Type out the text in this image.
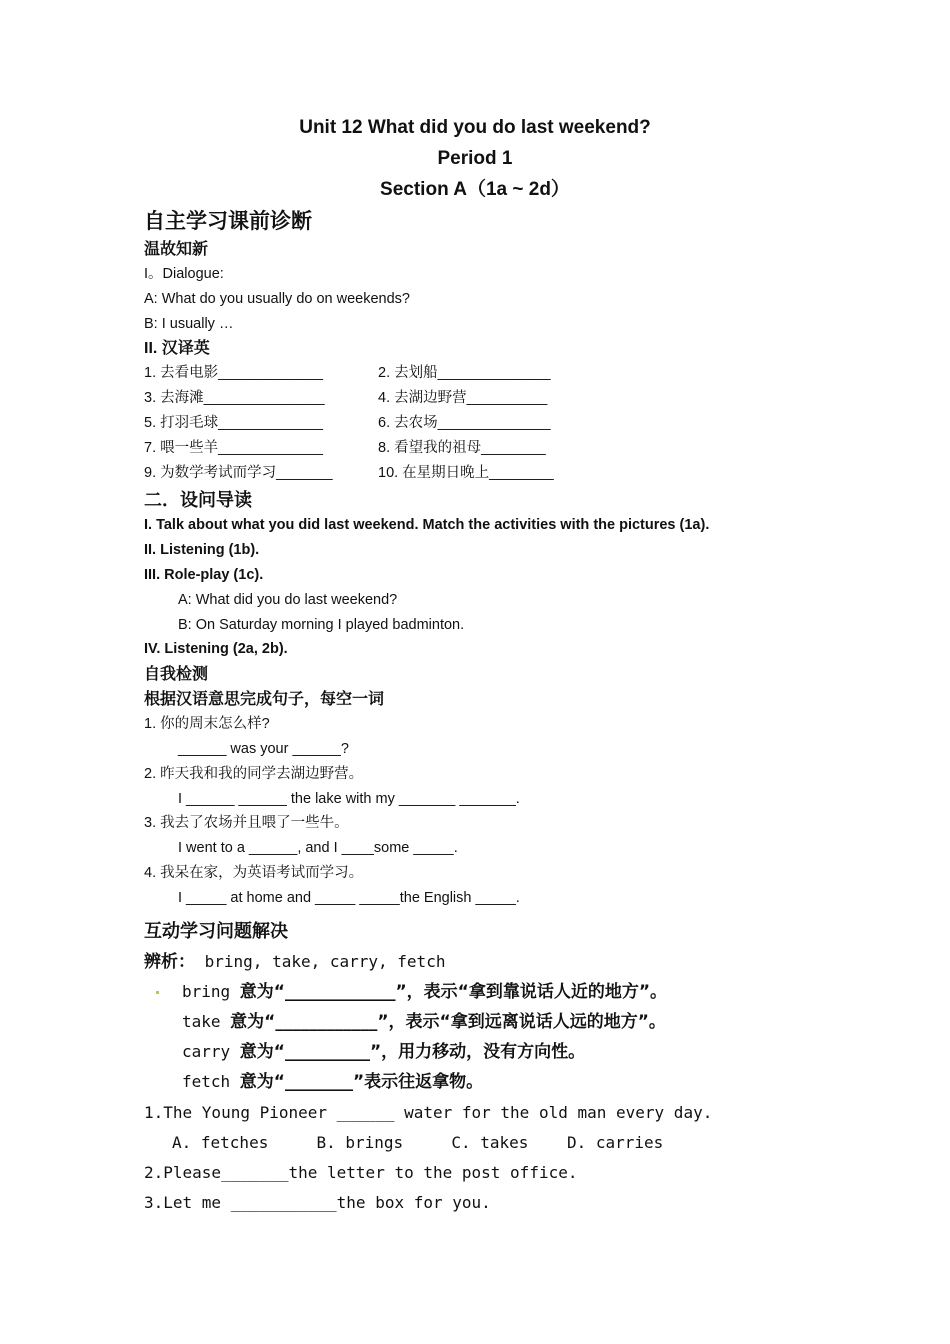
Unit 12 What did you do last weekend?
Period 1
Section A（1a ~ 2d）
自主学习课前诊断
温故知新
I。Dialogue:
A: What do you usually do on weekends?
B: I usually …
II. 汉译英
1. 去看电影_____________	2. 去划船______________
3. 去海滩_______________	4. 去湖边野营__________
5. 打羽毛球_____________	6. 去农场______________
7. 喂一些羊_____________	8. 看望我的祖母________
9. 为数学考试而学习_______	10. 在星期日晚上________
二．设问导读
I. Talk about what you did last weekend. Match the activities with the pictures (1a).
II. Listening (1b).
III. Role-play (1c).
A: What did you do last weekend?
B: On Saturday morning I played badminton.
IV. Listening (2a, 2b).
自我检测
根据汉语意思完成句子，每空一词
1. 你的周末怎么样?
______ was your ______?
2. 昨天我和我的同学去湖边野营。
I ______ ______ the lake with my _______ _______.
3. 我去了农场并且喂了一些牛。
I went to a ______, and I ____some _____.
4. 我呆在家，为英语考试而学习。
I _____ at home and _____ _____the English _____.
互动学习问题解决
辨析： bring, take, carry, fetch
bring 意为“_____________”，表示“拿到靠说话人近的地方”。
take 意为“____________”，表示“拿到远离说话人远的地方”。
carry 意为“__________”，用力移动，没有方向性。
fetch 意为“________”表示往返拿物。
1.The Young Pioneer ______ water for the old man every day.
A. fetches     B. brings     C. takes    D. carries
2.Please_______the letter to the post office.
3.Let me ___________the box for you.
